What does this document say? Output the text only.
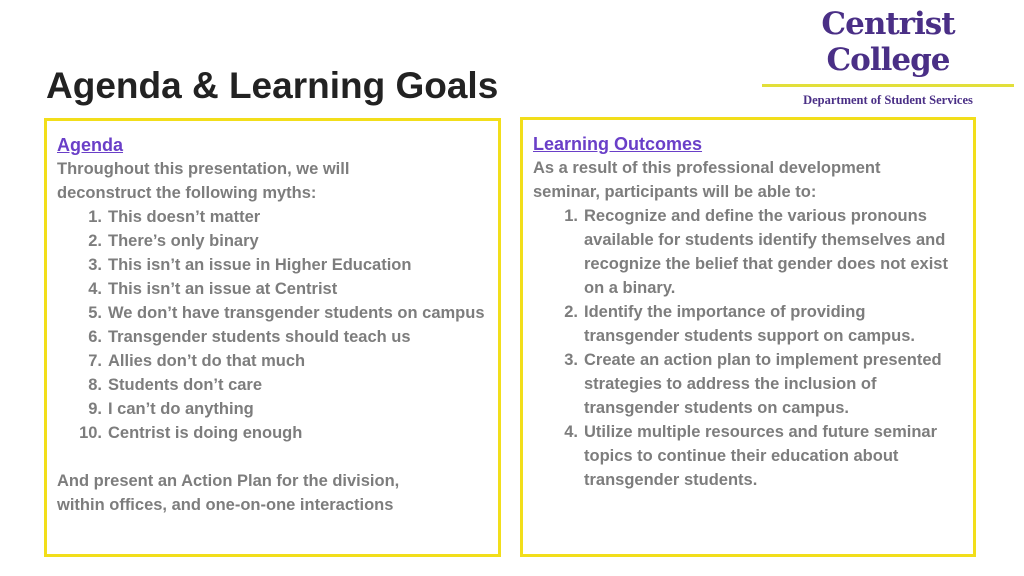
Centrist College
Department of Student Services
Agenda & Learning Goals
Agenda
Throughout this presentation, we will
deconstruct the following myths:
1. This doesn’t matter
2. There’s only binary
3. This isn’t an issue in Higher Education
4. This isn’t an issue at Centrist
5. We don’t have transgender students on campus
6. Transgender students should teach us
7. Allies don’t do that much
8. Students don’t care
9. I can’t do anything
10. Centrist is doing enough
And present an Action Plan for the division,
within offices, and one-on-one interactions
Learning Outcomes
As a result of this professional development
seminar, participants will be able to:
1. Recognize and define the various pronouns available for students identify themselves and recognize the belief that gender does not exist on a binary.
2. Identify the importance of providing transgender students support on campus.
3. Create an action plan to implement presented strategies to address the inclusion of transgender students on campus.
4. Utilize multiple resources and future seminar topics to continue their education about transgender students.
